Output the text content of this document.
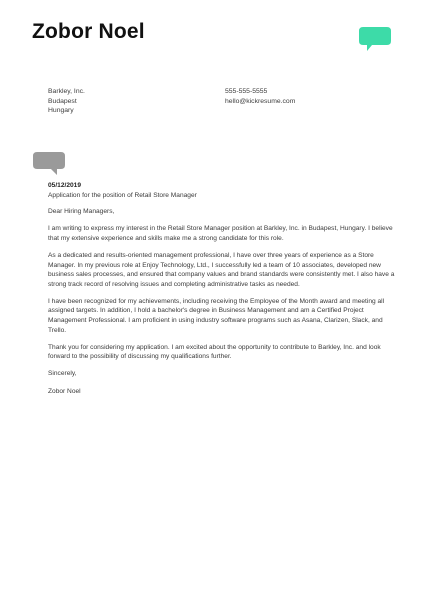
Zobor Noel
Barkley, Inc.
Budapest
Hungary
555-555-5555
hello@kickresume.com
05/12/2019
Application for the position of Retail Store Manager

Dear Hiring Managers,

I am writing to express my interest in the Retail Store Manager position at Barkley, Inc. in Budapest, Hungary. I believe that my extensive experience and skills make me a strong candidate for this role.

As a dedicated and results-oriented management professional, I have over three years of experience as a Store Manager. In my previous role at Enjoy Technology, Ltd., I successfully led a team of 10 associates, developed new business sales processes, and ensured that company values and brand standards were consistently met. I also have a strong track record of resolving issues and completing administrative tasks as needed.

I have been recognized for my achievements, including receiving the Employee of the Month award and meeting all assigned targets. In addition, I hold a bachelor's degree in Business Management and am a Certified Project Management Professional. I am proficient in using industry software programs such as Asana, Clarizen, Slack, and Trello.

Thank you for considering my application. I am excited about the opportunity to contribute to Barkley, Inc. and look forward to the possibility of discussing my qualifications further.

Sincerely,

Zobor Noel
